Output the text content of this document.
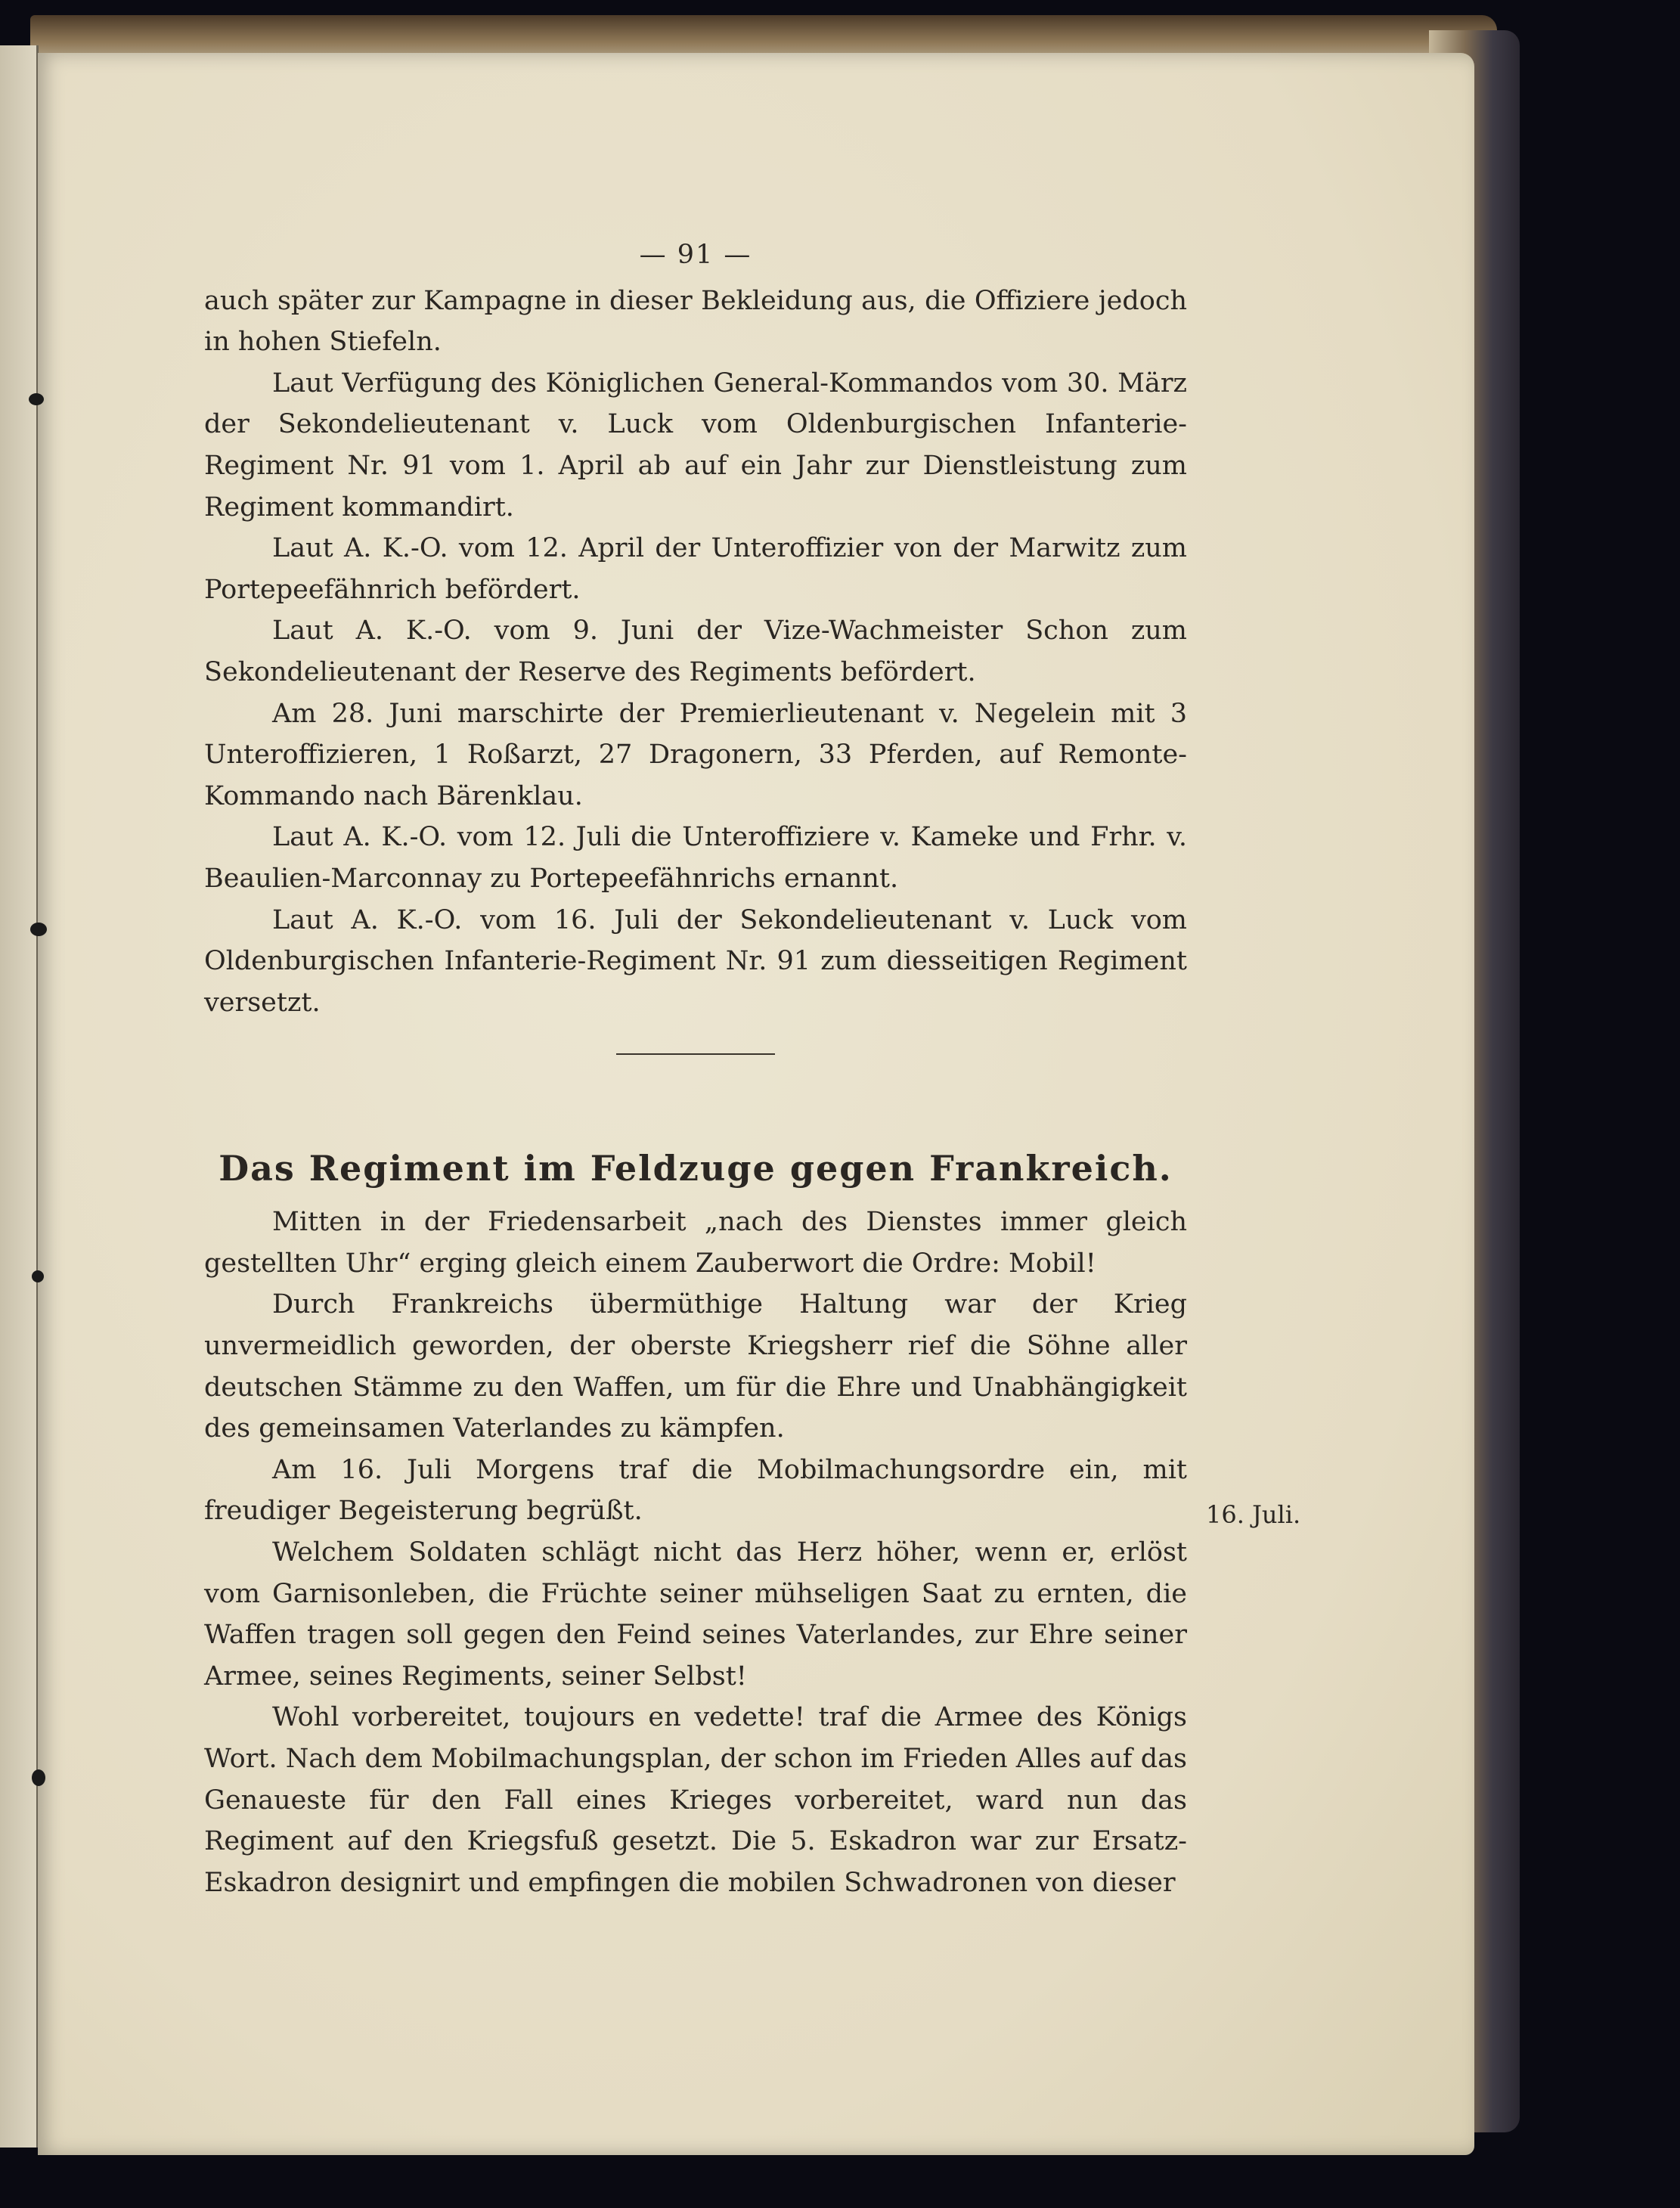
— 91 —

auch später zur Kampagne in dieser Bekleidung aus, die Offiziere jedoch in hohen Stiefeln.

Laut Verfügung des Königlichen General-Kommandos vom 30. März der Sekondelieutenant v. Luck vom Oldenburgischen Infanterie-Regiment Nr. 91 vom 1. April ab auf ein Jahr zur Dienstleistung zum Regiment kommandirt.

Laut A. K.-O. vom 12. April der Unteroffizier von der Marwitz zum Portepeefähnrich befördert.

Laut A. K.-O. vom 9. Juni der Vize-Wachmeister Schon zum Sekondelieutenant der Reserve des Regiments befördert.

Am 28. Juni marschirte der Premierlieutenant v. Negelein mit 3 Unteroffizieren, 1 Roßarzt, 27 Dragonern, 33 Pferden, auf Remonte-Kommando nach Bärenklau.

Laut A. K.-O. vom 12. Juli die Unteroffiziere v. Kameke und Frhr. v. Beaulien-Marconnay zu Portepeefähnrichs ernannt.

Laut A. K.-O. vom 16. Juli der Sekondelieutenant v. Luck vom Oldenburgischen Infanterie-Regiment Nr. 91 zum diesseitigen Regiment versetzt.

Das Regiment im Feldzuge gegen Frankreich.

Mitten in der Friedensarbeit „nach des Dienstes immer gleich gestellten Uhr“ erging gleich einem Zauberwort die Ordre: Mobil!

Durch Frankreichs übermüthige Haltung war der Krieg unvermeidlich geworden, der oberste Kriegsherr rief die Söhne aller deutschen Stämme zu den Waffen, um für die Ehre und Unabhängigkeit des gemeinsamen Vaterlandes zu kämpfen.

Am 16. Juli Morgens traf die Mobilmachungsordre ein, mit freudiger Begeisterung begrüßt.

Welchem Soldaten schlägt nicht das Herz höher, wenn er, erlöst vom Garnisonleben, die Früchte seiner mühseligen Saat zu ernten, die Waffen tragen soll gegen den Feind seines Vaterlandes, zur Ehre seiner Armee, seines Regiments, seiner Selbst!

Wohl vorbereitet, toujours en vedette! traf die Armee des Königs Wort. Nach dem Mobilmachungsplan, der schon im Frieden Alles auf das Genaueste für den Fall eines Krieges vorbereitet, ward nun das Regiment auf den Kriegsfuß gesetzt. Die 5. Eskadron war zur Ersatz-Eskadron designirt und empfingen die mobilen Schwadronen von dieser

16. Juli.
